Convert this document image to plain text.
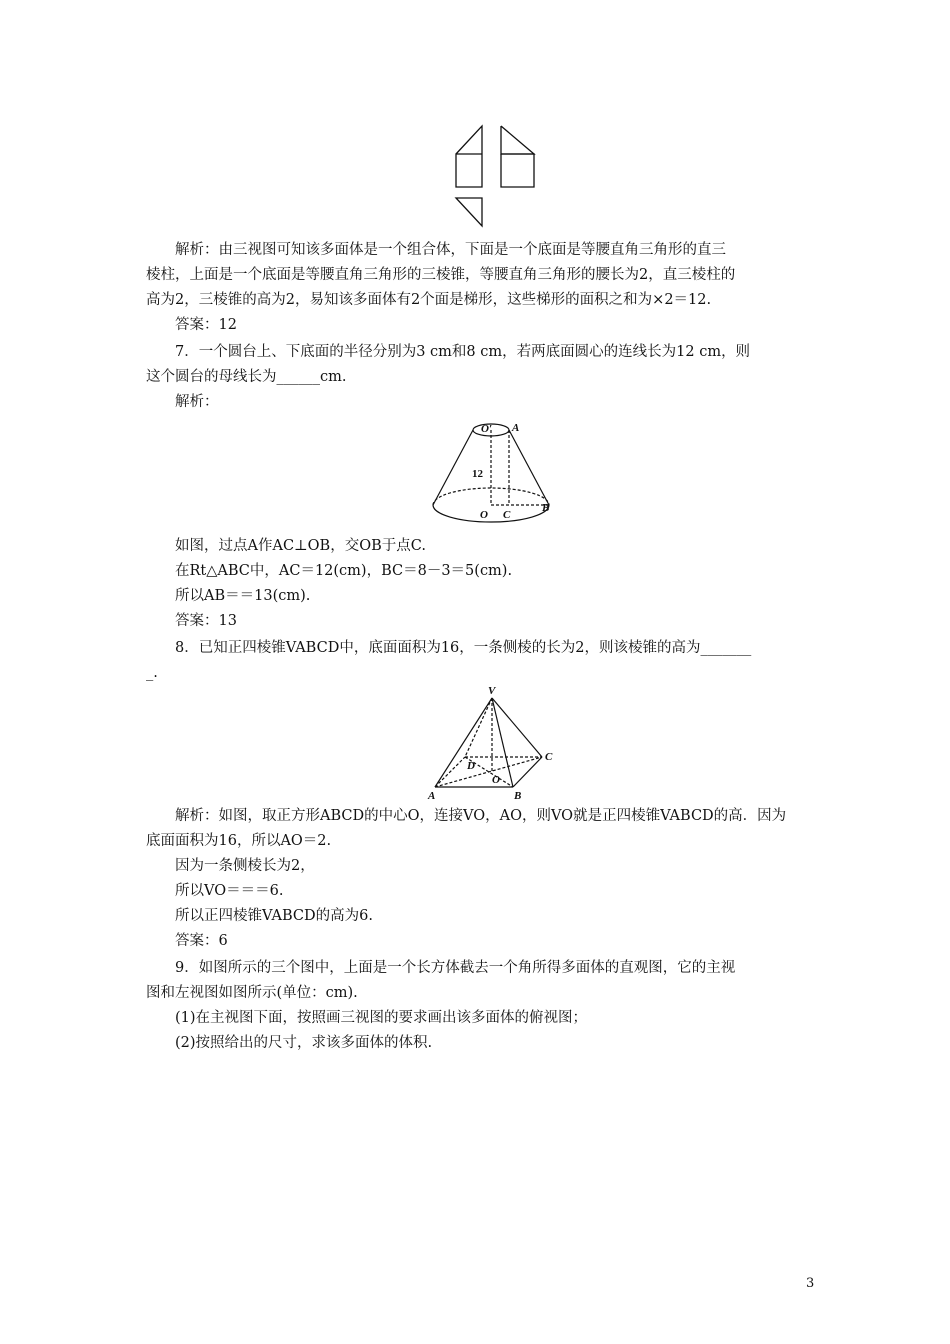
解析：由三视图可知该多面体是一个组合体，下面是一个底面是等腰直角三角形的直三
棱柱，上面是一个底面是等腰直角三角形的三棱锥，等腰直角三角形的腰长为2，直三棱柱的
高为2，三棱锥的高为2，易知该多面体有2个面是梯形，这些梯形的面积之和为×2＝12.
答案：12
7．一个圆台上、下底面的半径分别为3 cm和8 cm，若两底面圆心的连线长为12 cm，则
这个圆台的母线长为______cm.
解析：
O′ A
12
O C
B
如图，过点A作AC⊥OB，交OB于点C.
在Rt△ABC中，AC＝12(cm)，BC＝8－3＝5(cm).
所以AB＝＝13(cm).
答案：13
8．已知正四棱锥VABCD中，底面面积为16，一条侧棱的长为2，则该棱锥的高为_______
_.
V
A	B
C
D
O
解析：如图，取正方形ABCD的中心O，连接VO，AO，则VO就是正四棱锥VABCD的高．因为
底面面积为16，所以AO＝2.
因为一条侧棱长为2，
所以VO＝＝＝6.
所以正四棱锥VABCD的高为6.
答案：6
9．如图所示的三个图中，上面是一个长方体截去一个角所得多面体的直观图，它的主视
图和左视图如图所示(单位：cm).
(1)在主视图下面，按照画三视图的要求画出该多面体的俯视图；
(2)按照给出的尺寸，求该多面体的体积.
3
